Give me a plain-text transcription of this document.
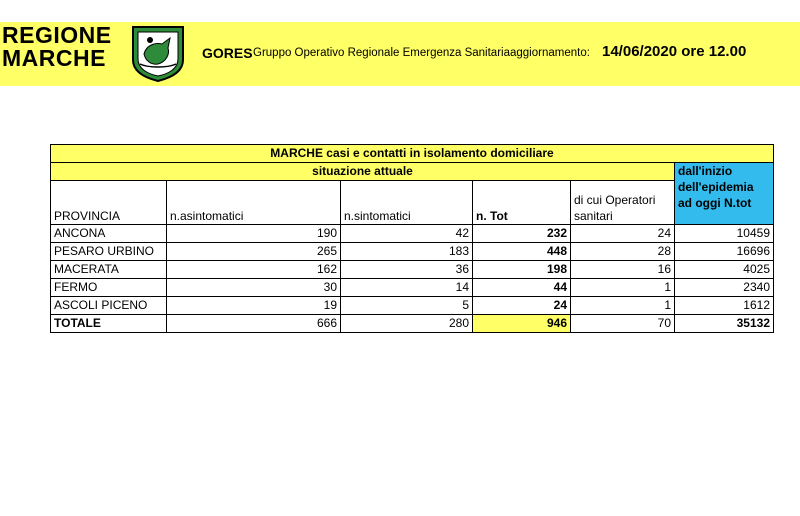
REGIONE
MARCHE	GORES Gruppo Operativo Regionale Emergenza Sanitaria aggiornamento: 14/06/2020 ore 12.00
MARCHE casi e contatti in isolamento domiciliare					
situazione attuale					dall'inizio dell'epidemia ad oggi N.tot
PROVINCIA	n.asintomatici	n.sintomatici	n. Tot	di cui Operatori sanitari	
ANCONA	190	42	232	24	10459
PESARO URBINO	265	183	448	28	16696
MACERATA	162	36	198	16	4025
FERMO	30	14	44	1	2340
ASCOLI PICENO	19	5	24	1	1612
TOTALE	666	280	946	70	35132
